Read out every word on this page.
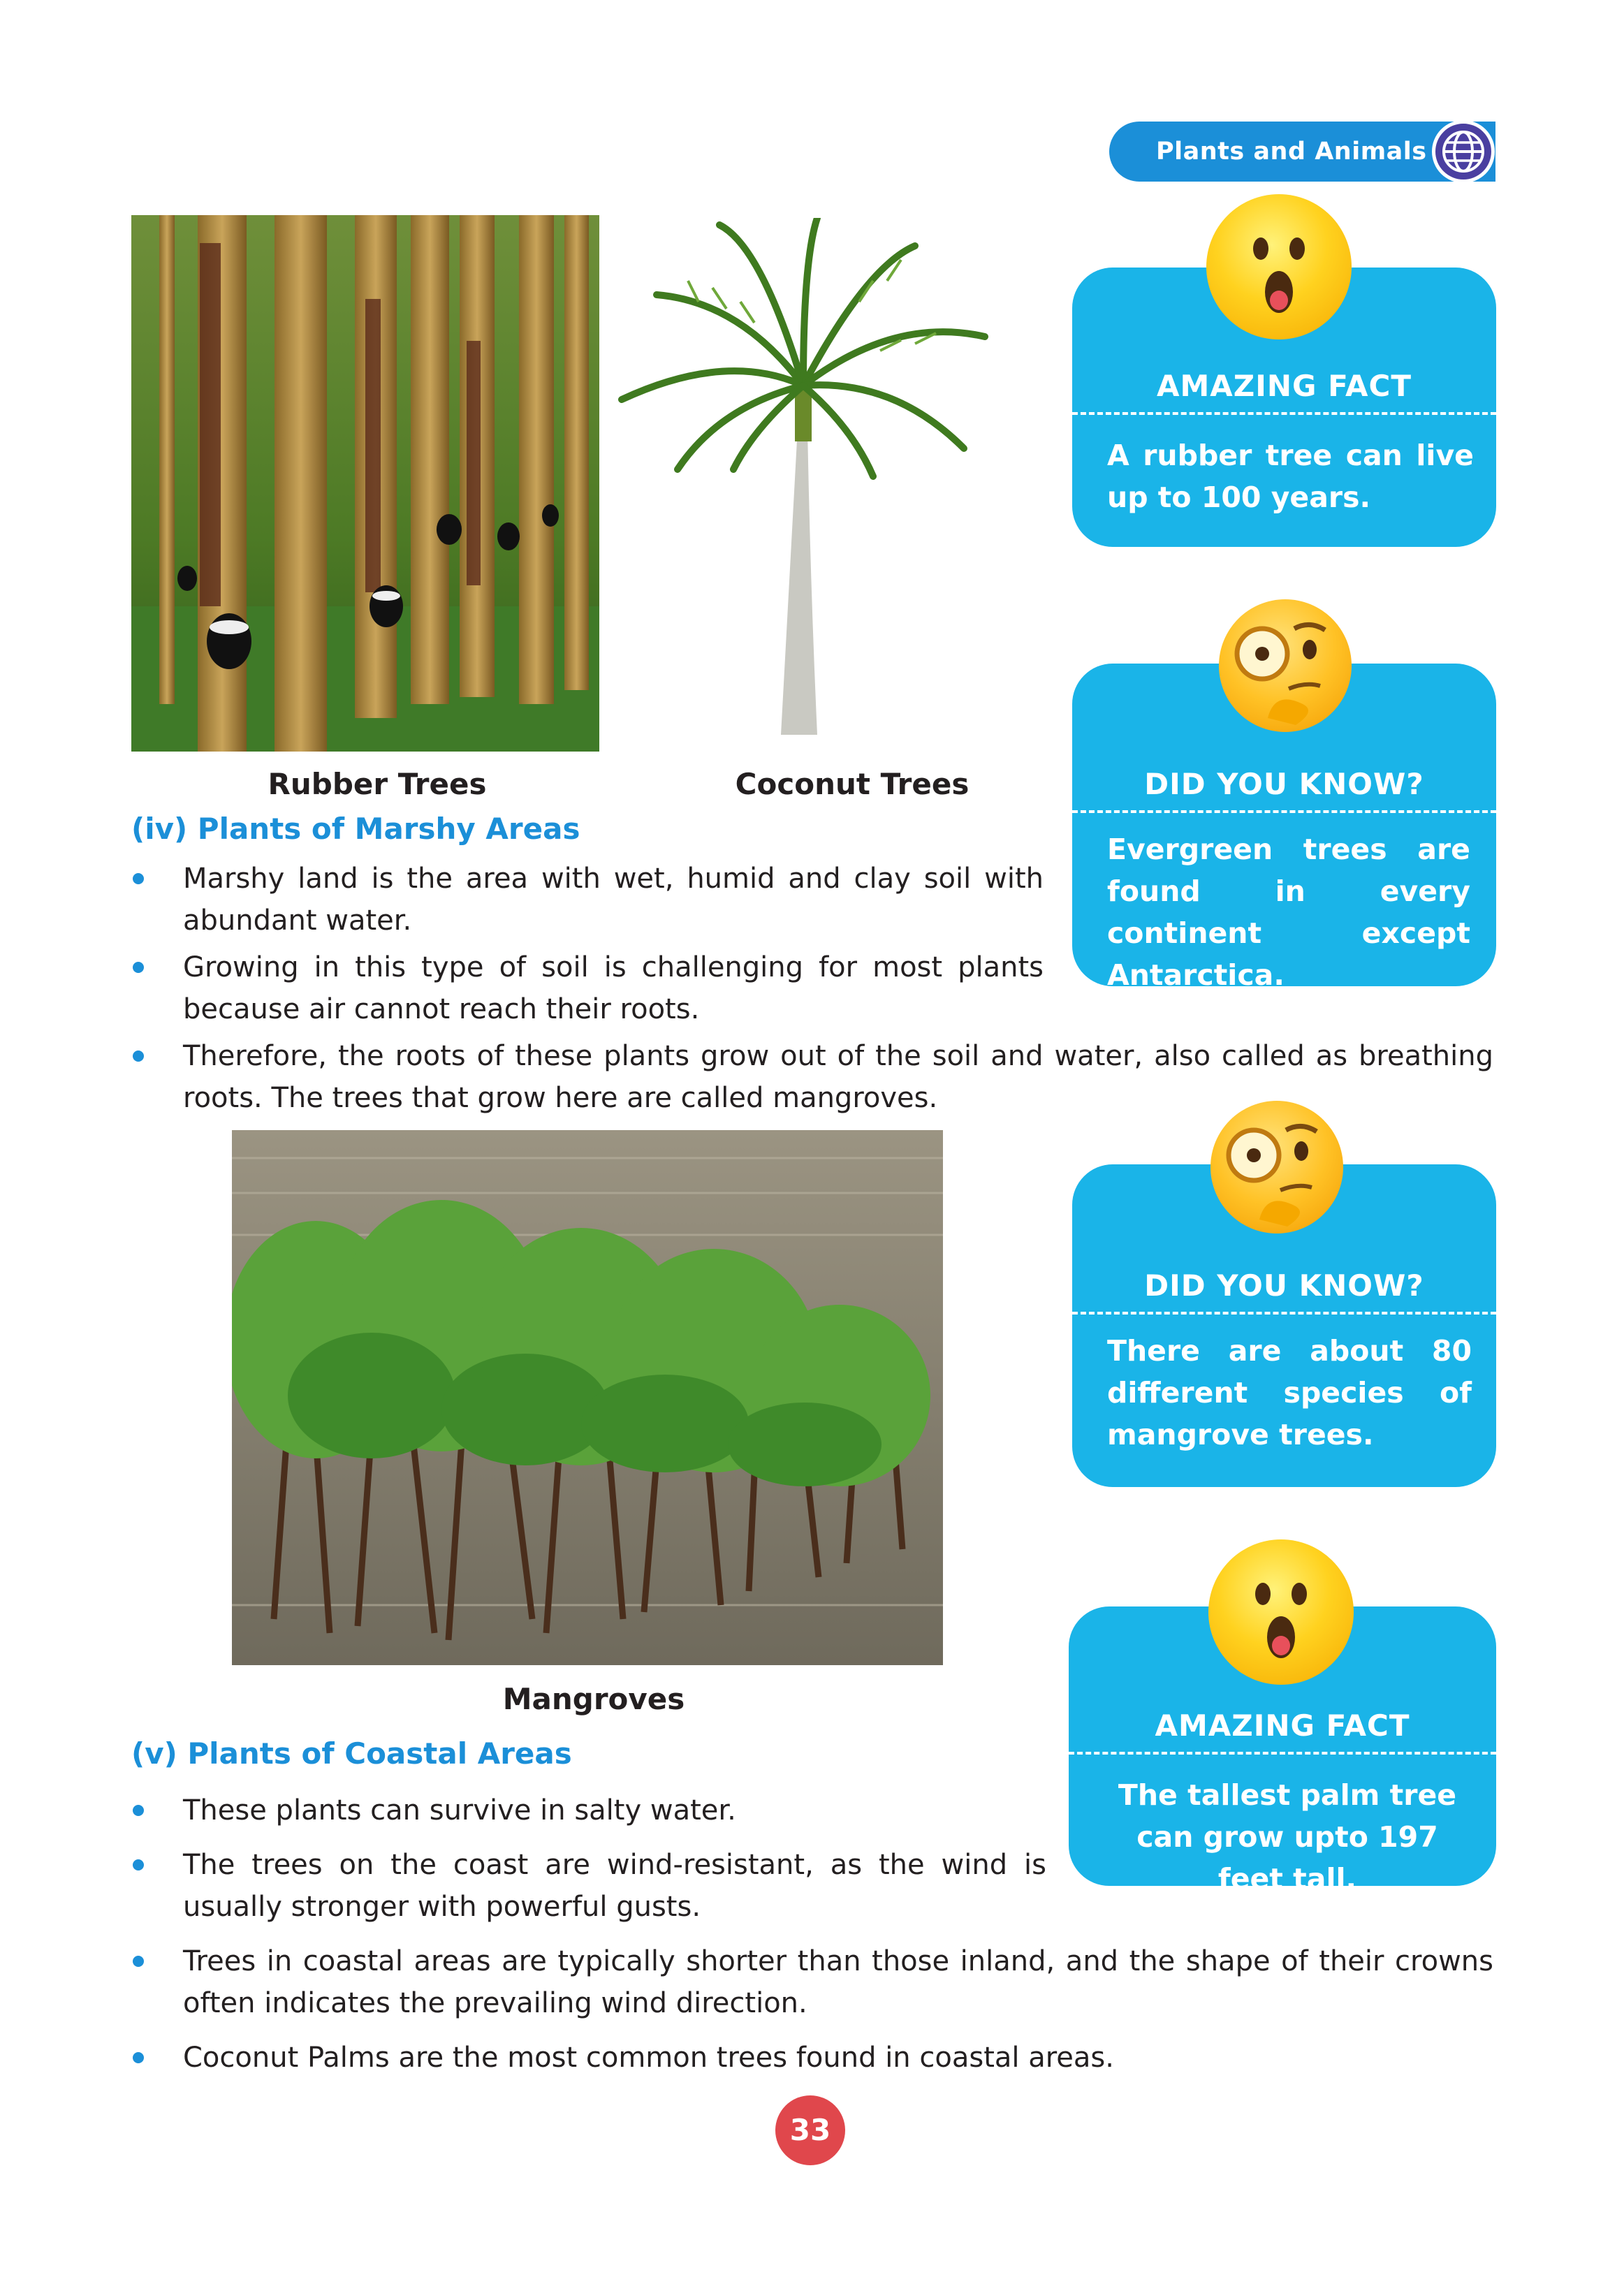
Plants and Animals
Rubber Trees	Coconut Trees
(iv) Plants of Marshy Areas
Marshy land is the area with wet, humid and clay soil with abundant water.
Growing in this type of soil is challenging for most plants because air cannot reach their roots.
Therefore, the roots of these plants grow out of the soil and water, also called as breathing roots. The trees that grow here are called mangroves.
Mangroves
(v) Plants of Coastal Areas
These plants can survive in salty water.
The trees on the coast are wind-resistant, as the wind is usually stronger with powerful gusts.
Trees in coastal areas are typically shorter than those inland, and the shape of their crowns often indicates the prevailing wind direction.
Coconut Palms are the most common trees found in coastal areas.
AMAZING FACT
A rubber tree can live up to 100 years.
DID YOU KNOW?
Evergreen trees are found in every continent except Antarctica.
DID YOU KNOW?
There are about 80 different species of mangrove trees.
AMAZING FACT
The tallest palm tree can grow upto 197 feet tall.
33
